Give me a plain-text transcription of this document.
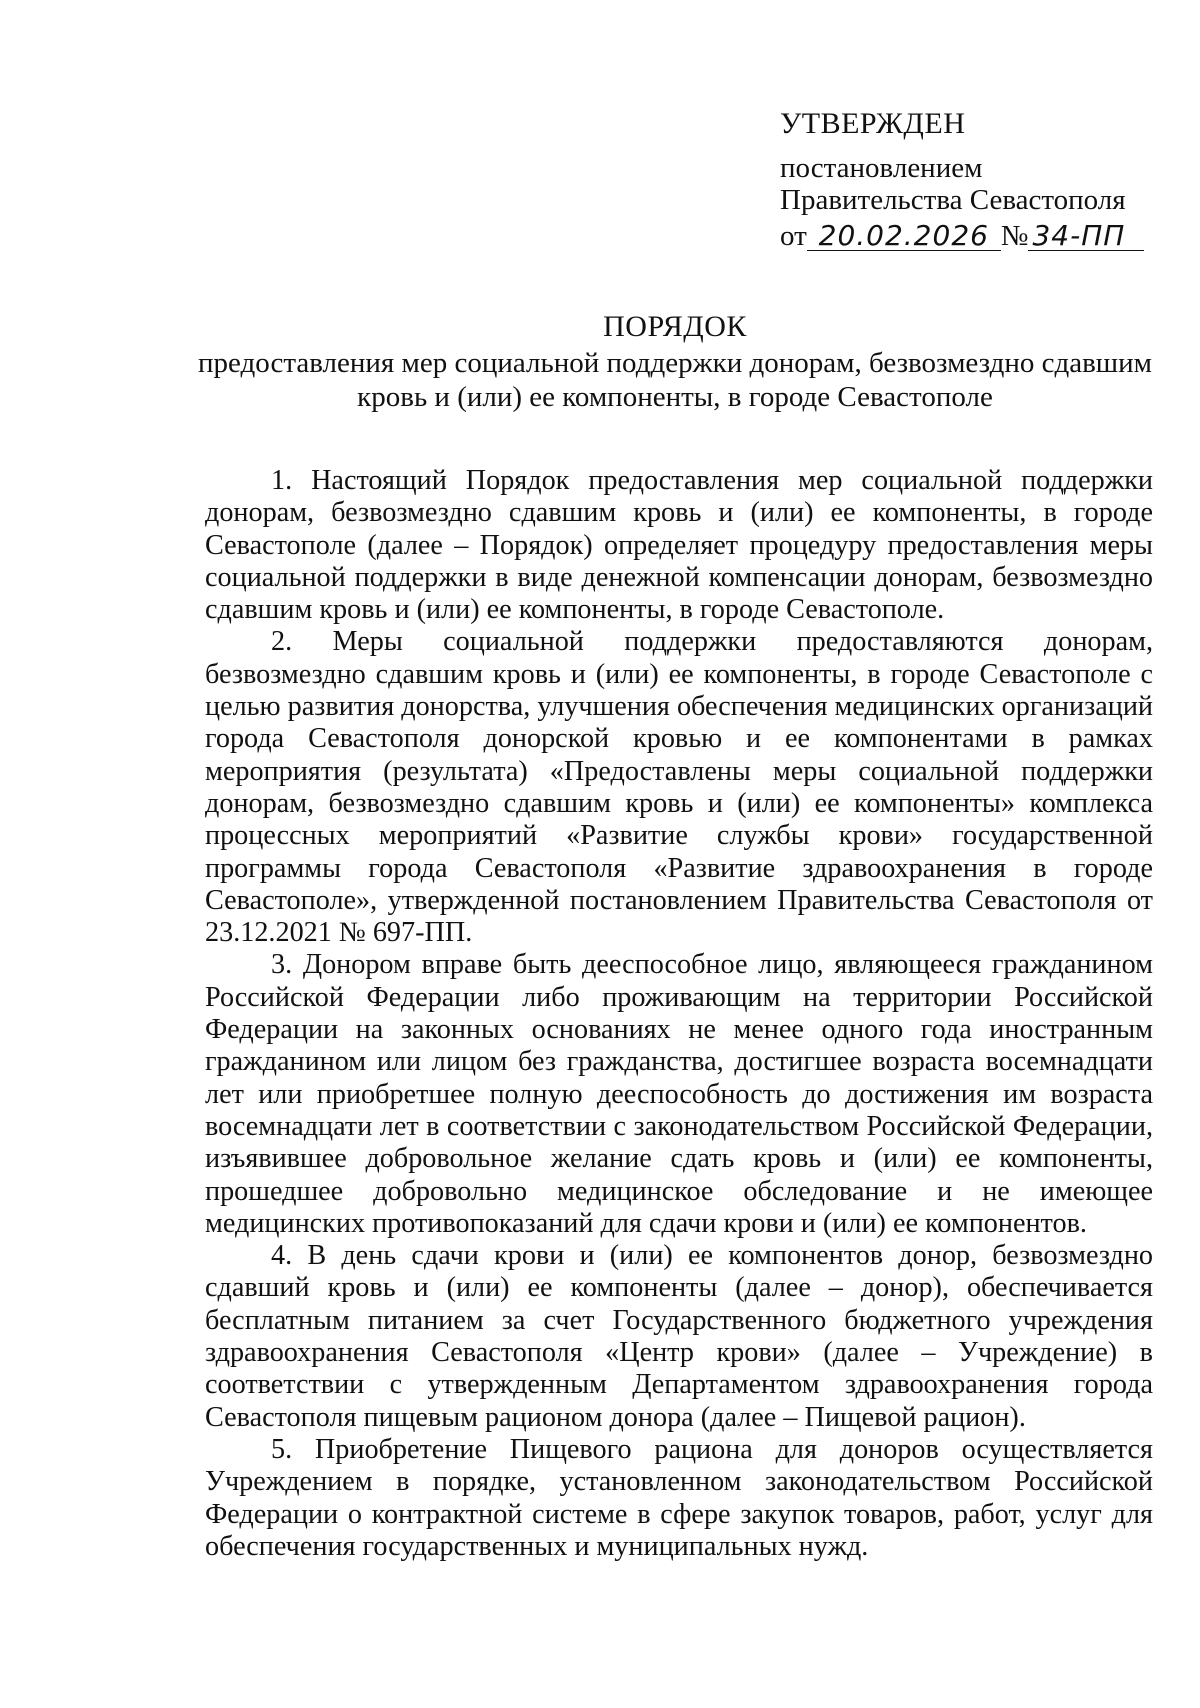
УТВЕРЖДЕН
постановлением
Правительства Севастополя
от 20.02.2026 № 34-ПП
ПОРЯДОК
предоставления мер социальной поддержки донорам, безвозмездно сдавшим
кровь и (или) ее компоненты, в городе Севастополе

1. Настоящий Порядок предоставления мер социальной поддержки донорам, безвозмездно сдавшим кровь и (или) ее компоненты, в городе Севастополе (далее – Порядок) определяет процедуру предоставления меры социальной поддержки в виде денежной компенсации донорам, безвозмездно сдавшим кровь и (или) ее компоненты, в городе Севастополе.

2. Меры социальной поддержки предоставляются донорам, безвозмездно сдавшим кровь и (или) ее компоненты, в городе Севастополе с целью развития донорства, улучшения обеспечения медицинских организаций города Севастополя донорской кровью и ее компонентами в рамках мероприятия (результата) «Предоставлены меры социальной поддержки донорам, безвозмездно сдавшим кровь и (или) ее компоненты» комплекса процессных мероприятий «Развитие службы крови» государственной программы города Севастополя «Развитие здравоохранения в городе Севастополе», утвержденной постановлением Правительства Севастополя от 23.12.2021 № 697-ПП.

3. Донором вправе быть дееспособное лицо, являющееся гражданином Российской Федерации либо проживающим на территории Российской Федерации на законных основаниях не менее одного года иностранным гражданином или лицом без гражданства, достигшее возраста восемнадцати лет или приобретшее полную дееспособность до достижения им возраста восемнадцати лет в соответствии с законодательством Российской Федерации, изъявившее добровольное желание сдать кровь и (или) ее компоненты, прошедшее добровольно медицинское обследование и не имеющее медицинских противопоказаний для сдачи крови и (или) ее компонентов.

4. В день сдачи крови и (или) ее компонентов донор, безвозмездно сдавший кровь и (или) ее компоненты (далее – донор), обеспечивается бесплатным питанием за счет Государственного бюджетного учреждения здравоохранения Севастополя «Центр крови» (далее – Учреждение) в соответствии с утвержденным Департаментом здравоохранения города Севастополя пищевым рационом донора (далее – Пищевой рацион).

5. Приобретение Пищевого рациона для доноров осуществляется Учреждением в порядке, установленном законодательством Российской Федерации о контрактной системе в сфере закупок товаров, работ, услуг для обеспечения государственных и муниципальных нужд.
